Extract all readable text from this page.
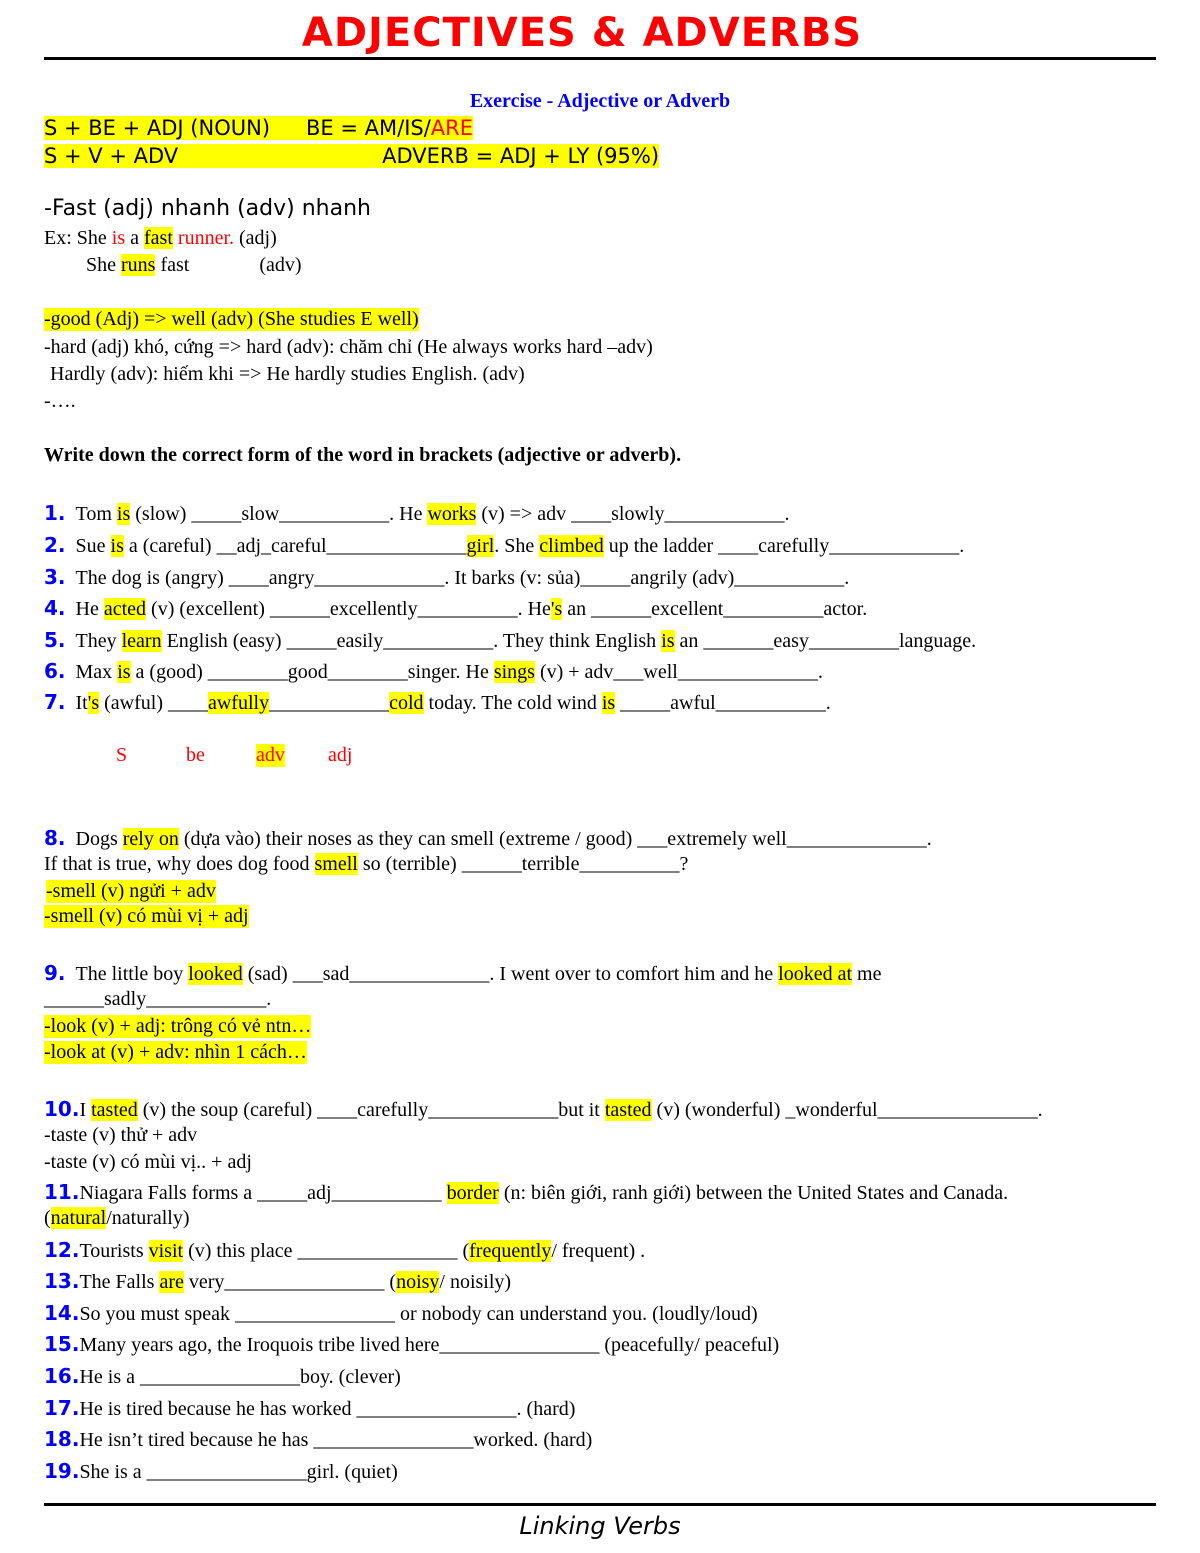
ADJECTIVES & ADVERBS
Exercise - Adjective or Adverb
S + BE + ADJ (NOUN) BE = AM/IS/ARE
S + V + ADV	ADVERB = ADJ + LY (95%)
-Fast (adj) nhanh (adv) nhanh
Ex: She is a fast runner. (adj)
She runs fast	(adv)
-good (Adj) => well (adv) (She studies E well)
-hard (adj) khó, cứng => hard (adv): chăm chỉ (He always works hard –adv)
Hardly (adv): hiếm khi => He hardly studies English. (adv)
-….
Write down the correct form of the word in brackets (adjective or adverb).
1. Tom is (slow) _____slow___________. He works (v) => adv ____slowly____________.
2. Sue is a (careful) __adj_careful______________girl. She climbed up the ladder ____carefully_____________.
3. The dog is (angry) ____angry_____________. It barks (v: sủa)_____angrily (adv)___________.
4. He acted (v) (excellent) ______excellently__________. He's an ______excellent__________actor.
5. They learn English (easy) _____easily___________. They think English is an _______easy_________language.
6. Max is a (good) ________good________singer. He sings (v) + adv___well______________.
7. It's (awful) ____awfully____________cold today. The cold wind is _____awful___________.
S	be	adv adj
8. Dogs rely on (dựa vào) their noses as they can smell (extreme / good) ___extremely well______________.
If that is true, why does dog food smell so (terrible) ______terrible__________?
-smell (v) ngửi + adv
-smell (v) có mùi vị + adj
9. The little boy looked (sad) ___sad______________. I went over to comfort him and he looked at me
______sadly____________.
-look (v) + adj: trông có vẻ ntn…
-look at (v) + adv: nhìn 1 cách…
10.I tasted (v) the soup (careful) ____carefully_____________but it tasted (v) (wonderful) _wonderful________________.
-taste (v) thử + adv
-taste (v) có mùi vị.. + adj
11.Niagara Falls forms a _____adj___________ border (n: biên giới, ranh giới) between the United States and Canada.
(natural/naturally)
12.Tourists visit (v) this place ________________ (frequently/ frequent) .
13.The Falls are very________________ (noisy/ noisily)
14.So you must speak ________________ or nobody can understand you. (loudly/loud)
15.Many years ago, the Iroquois tribe lived here________________ (peacefully/ peaceful)
16.He is a ________________boy. (clever)
17.He is tired because he has worked ________________. (hard)
18.He isn’t tired because he has ________________worked. (hard)
19.She is a ________________girl. (quiet)
Linking Verbs
